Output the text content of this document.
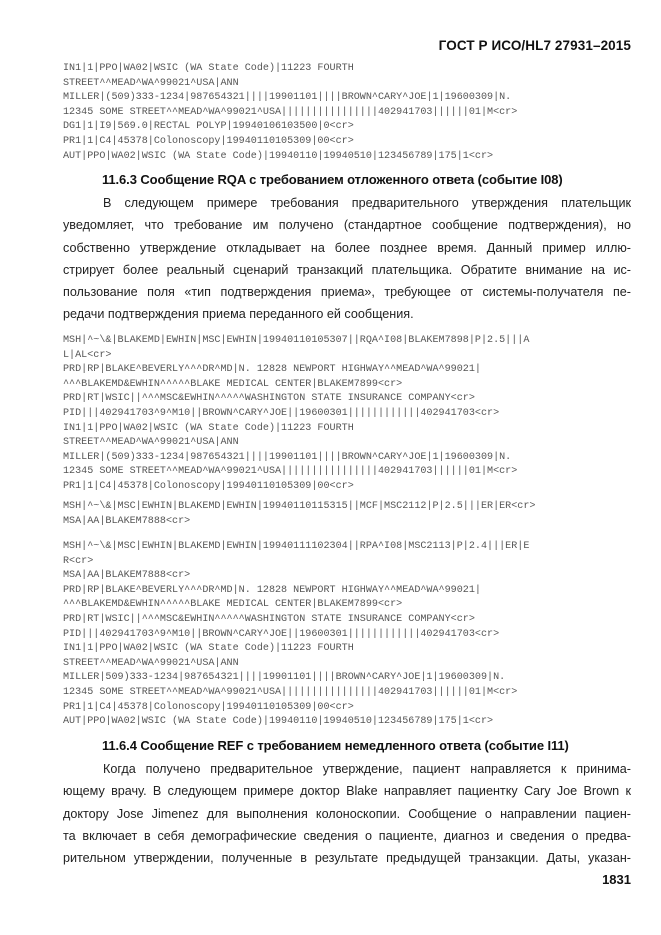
ГОСТ Р ИСО/HL7 27931–2015
IN1|1|PPO|WA02|WSIC (WA State Code)|11223 FOURTH
STREET^^MEAD^WA^99021^USA|ANN
MILLER|(509)333-1234|987654321||||19901101||||BROWN^CARY^JOE|1|19600309|N.
12345 SOME STREET^^MEAD^WA^99021^USA||||||||||||||||402941703||||||01|M<cr>
DG1|1|I9|569.0|RECTAL POLYP|19940106103500|0<cr>
PR1|1|C4|45378|Colonoscopy|19940110105309|00<cr>
AUT|PPO|WA02|WSIC (WA State Code)|19940110|19940510|123456789|175|1<cr>
11.6.3 Сообщение RQA с требованием отложенного ответа (событие I08)
В следующем примере требования предварительного утверждения плательщик
уведомляет, что требование им получено (стандартное сообщение подтверждения), но
собственно утверждение откладывает на более позднее время. Данный пример иллю-
стрирует более реальный сценарий транзакций плательщика. Обратите внимание на ис-
пользование поля «тип подтверждения приема», требующее от системы-получателя пе-
редачи подтверждения приема переданного ей сообщения.
MSH|^~\&|BLAKEMD|EWHIN|MSC|EWHIN|19940110105307||RQA^I08|BLAKEM7898|P|2.5|||A
L|AL<cr>
PRD|RP|BLAKE^BEVERLY^^^DR^MD|N. 12828 NEWPORT HIGHWAY^^MEAD^WA^99021|
^^^BLAKEMD&EWHIN^^^^^BLAKE MEDICAL CENTER|BLAKEM7899<cr>
PRD|RT|WSIC||^^^MSC&EWHIN^^^^^WASHINGTON STATE INSURANCE COMPANY<cr>
PID|||402941703^9^M10||BROWN^CARY^JOE||19600301||||||||||||402941703<cr>
IN1|1|PPO|WA02|WSIC (WA State Code)|11223 FOURTH
STREET^^MEAD^WA^99021^USA|ANN
MILLER|(509)333-1234|987654321||||19901101||||BROWN^CARY^JOE|1|19600309|N.
12345 SOME STREET^^MEAD^WA^99021^USA||||||||||||||||402941703||||||01|M<cr>
PR1|1|C4|45378|Colonoscopy|19940110105309|00<cr>
MSH|^~\&|MSC|EWHIN|BLAKEMD|EWHIN|19940110115315||MCF|MSC2112|P|2.5|||ER|ER<cr>
MSA|AA|BLAKEM7888<cr>
MSH|^~\&|MSC|EWHIN|BLAKEMD|EWHIN|19940111102304||RPA^I08|MSC2113|P|2.4|||ER|E
R<cr>
MSA|AA|BLAKEM7888<cr>
PRD|RP|BLAKE^BEVERLY^^^DR^MD|N. 12828 NEWPORT HIGHWAY^^MEAD^WA^99021|
^^^BLAKEMD&EWHIN^^^^^BLAKE MEDICAL CENTER|BLAKEM7899<cr>
PRD|RT|WSIC||^^^MSC&EWHIN^^^^^WASHINGTON STATE INSURANCE COMPANY<cr>
PID|||402941703^9^M10||BROWN^CARY^JOE||19600301||||||||||||402941703<cr>
IN1|1|PPO|WA02|WSIC (WA State Code)|11223 FOURTH
STREET^^MEAD^WA^99021^USA|ANN
MILLER|509)333-1234|987654321||||19901101||||BROWN^CARY^JOE|1|19600309|N.
12345 SOME STREET^^MEAD^WA^99021^USA||||||||||||||||402941703||||||01|M<cr>
PR1|1|C4|45378|Colonoscopy|19940110105309|00<cr>
AUT|PPO|WA02|WSIC (WA State Code)|19940110|19940510|123456789|175|1<cr>
11.6.4 Сообщение REF с требованием немедленного ответа (событие I11)
Когда получено предварительное утверждение, пациент направляется к принима-
ющему врачу. В следующем примере доктор Blake направляет пациентку Cary Joe Brown к
доктору Jose Jimenez для выполнения колоноскопии. Сообщение о направлении пациен-
та включает в себя демографические сведения о пациенте, диагноз и сведения о предва-
рительном утверждении, полученные в результате предыдущей транзакции. Даты, указан-
1831
